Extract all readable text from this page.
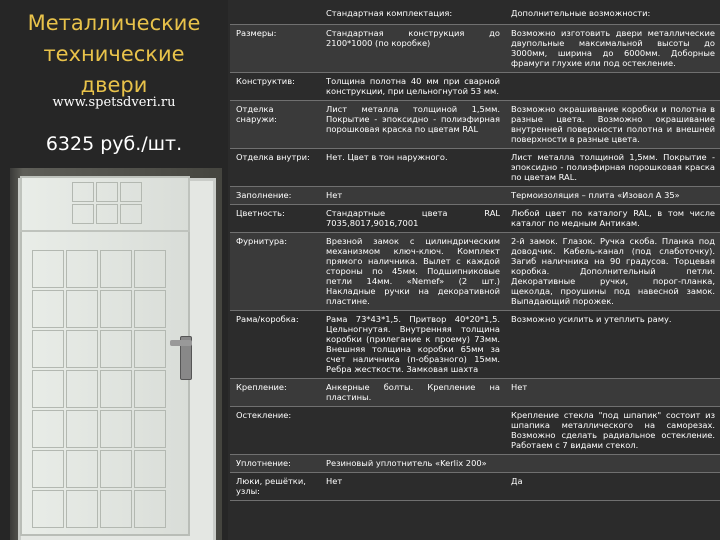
Металлические
технические
двери
www.spetsdveri.ru
6325 руб./шт.
	Стандартная комплектация:	Дополнительные возможности:
Размеры:	Стандартная конструкция до 2100*1000 (по коробке)	Возможно изготовить двери металлические двупольные максимальной высоты до 3000мм, ширина до 6000мм. Доборные фрамуги глухие или под остекление.
Конструктив:	Толщина полотна 40 мм при сварной конструкции, при цельногнутой 53 мм.	
Отделка снаружи:	Лист металла толщиной 1,5мм. Покрытие - эпоксидно - полиэфирная порошковая краска по цветам RAL	Возможно окрашивание коробки и полотна в разные цвета. Возможно окрашивание внутренней поверхности полотна и внешней поверхности в разные цвета.
Отделка внутри:	Нет. Цвет в тон наружного.	Лист металла толщиной 1,5мм. Покрытие - эпоксидно - полиэфирная порошковая краска по цветам RAL.
Заполнение:	Нет	Термоизоляция – плита «Изовол А 35»
Цветность:	Стандартные цвета RAL 7035,8017,9016,7001	Любой цвет по каталогу RAL, в том числе каталог по медным Антикам.
Фурнитура:	Врезной замок с цилиндрическим механизмом ключ-ключ. Комплект прямого наличника. Вылет с каждой стороны по 45мм. Подшипниковые петли 14мм. «Nemef» (2 шт.) Накладные ручки на декоративной пластине.	2-й замок. Глазок. Ручка скоба. Планка под доводчик. Кабель-канал (под слаботочку). Загиб наличника на 90 градусов. Торцевая коробка. Дополнительный петли. Декоративные ручки, порог-планка, щеколда, проушины под навесной замок. Выпадающий порожек.
Рама/коробка:	Рама 73*43*1,5. Притвор 40*20*1,5. Цельногнутая. Внутренняя толщина коробки (прилегание к проему) 73мм. Внешняя толщина коробки 65мм за счет наличника (п-образного) 15мм. Ребра жесткости. Замковая шахта	Возможно усилить и утеплить раму.
Крепление:	Анкерные болты. Крепление на пластины.	Нет
Остекление:		Крепление стекла "под шпапик" состоит из шпапика металлического на саморезах. Возможно сделать радиальное остекление. Работаем с 7 видами стекол.
Уплотнение:	Резиновый уплотнитель «Kerlix 200»	
Люки, решётки, узлы:	Нет	Да
